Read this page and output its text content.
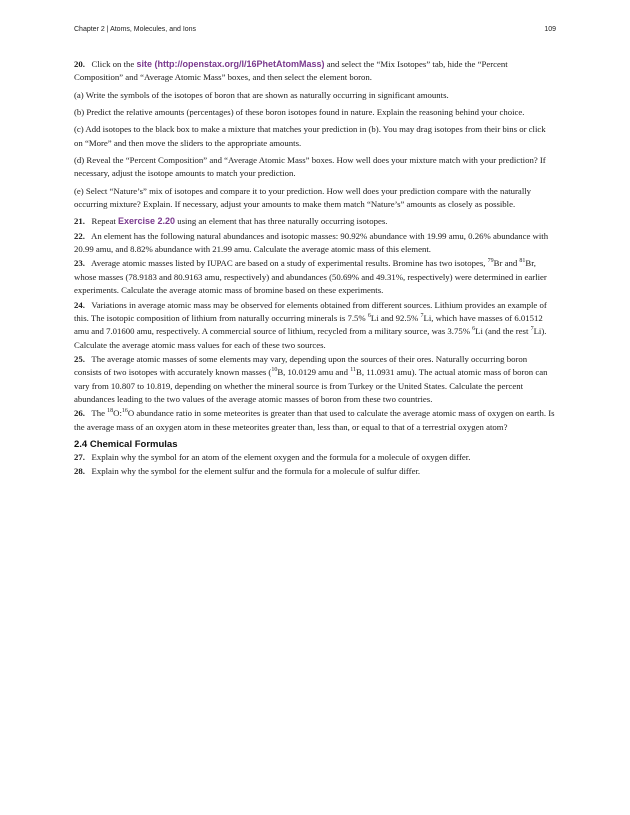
Chapter 2 | Atoms, Molecules, and Ions	109

20. Click on the site (http://openstax.org/l/16PhetAtomMass) and select the “Mix Isotopes” tab, hide the “Percent Composition” and “Average Atomic Mass” boxes, and then select the element boron.

(a) Write the symbols of the isotopes of boron that are shown as naturally occurring in significant amounts.

(b) Predict the relative amounts (percentages) of these boron isotopes found in nature. Explain the reasoning behind your choice.

(c) Add isotopes to the black box to make a mixture that matches your prediction in (b). You may drag isotopes from their bins or click on “More” and then move the sliders to the appropriate amounts.

(d) Reveal the “Percent Composition” and “Average Atomic Mass” boxes. How well does your mixture match with your prediction? If necessary, adjust the isotope amounts to match your prediction.

(e) Select “Nature’s” mix of isotopes and compare it to your prediction. How well does your prediction compare with the naturally occurring mixture? Explain. If necessary, adjust your amounts to make them match “Nature’s” amounts as closely as possible.

21. Repeat Exercise 2.20 using an element that has three naturally occurring isotopes.

22. An element has the following natural abundances and isotopic masses: 90.92% abundance with 19.99 amu, 0.26% abundance with 20.99 amu, and 8.82% abundance with 21.99 amu. Calculate the average atomic mass of this element.

23. Average atomic masses listed by IUPAC are based on a study of experimental results. Bromine has two isotopes, $^{79}$Br and $^{81}$Br, whose masses (78.9183 and 80.9163 amu, respectively) and abundances (50.69% and 49.31%, respectively) were determined in earlier experiments. Calculate the average atomic mass of bromine based on these experiments.

24. Variations in average atomic mass may be observed for elements obtained from different sources. Lithium provides an example of this. The isotopic composition of lithium from naturally occurring minerals is 7.5% $^6$Li and 92.5% $^7$Li, which have masses of 6.01512 amu and 7.01600 amu, respectively. A commercial source of lithium, recycled from a military source, was 3.75% $^6$Li (and the rest $^7$Li). Calculate the average atomic mass values for each of these two sources.

25. The average atomic masses of some elements may vary, depending upon the sources of their ores. Naturally occurring boron consists of two isotopes with accurately known masses ($^{10}$B, 10.0129 amu and $^{11}$B, 11.0931 amu). The actual atomic mass of boron can vary from 10.807 to 10.819, depending on whether the mineral source is from Turkey or the United States. Calculate the percent abundances leading to the two values of the average atomic masses of boron from these two countries.

26. The $^{18}$O:$^{16}$O abundance ratio in some meteorites is greater than that used to calculate the average atomic mass of oxygen on earth. Is the average mass of an oxygen atom in these meteorites greater than, less than, or equal to that of a terrestrial oxygen atom?

2.4 Chemical Formulas

27. Explain why the symbol for an atom of the element oxygen and the formula for a molecule of oxygen differ.

28. Explain why the symbol for the element sulfur and the formula for a molecule of sulfur differ.
